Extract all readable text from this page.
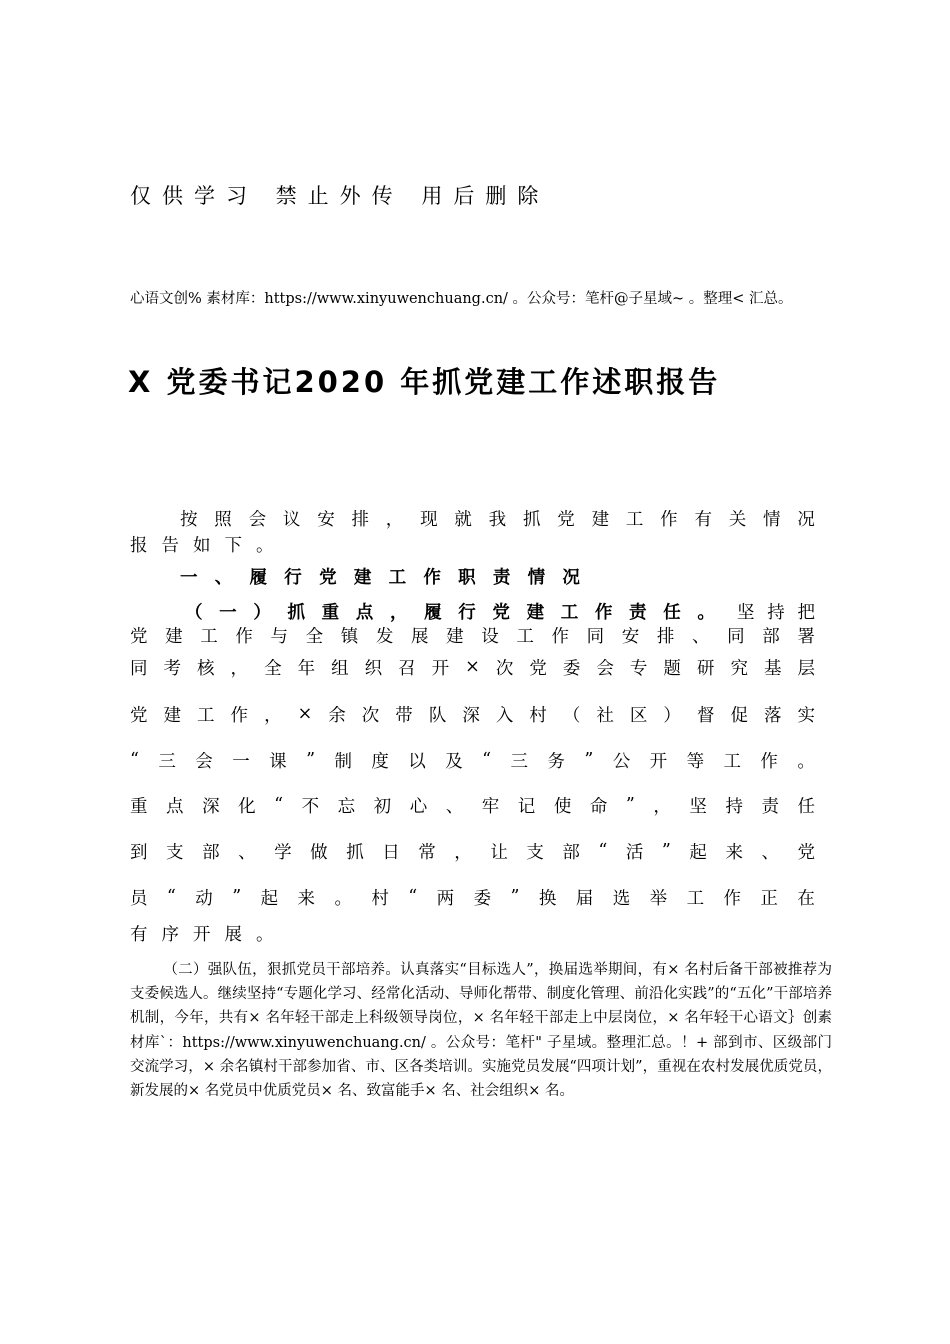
仅供学习 禁止外传 用后删除
心语文创% 素材库：https://www.xinyuwenchuang.cn/ 。公众号：笔杆@子星域~ 。整理< 汇总。
X 党委书记2020 年抓党建工作述职报告
按 照 会 议 安 排 ， 现 就 我 抓 党 建 工 作 有 关 情 况
报 告 如 下 。
一 、 履 行 党 建 工 作 职 责 情 况
（ 一 ） 抓 重 点 ， 履 行 党 建 工 作 责 任 。 坚 持 把
党 建 工 作 与 全 镇 发 展 建 设 工 作 同 安 排 、 同 部 署
同 考 核 ， 全 年 组 织 召 开 × 次 党 委 会 专 题 研 究 基 层
党 建 工 作 ， × 余 次 带 队 深 入 村 （ 社 区 ） 督 促 落 实
“ 三 会 一 课 ” 制 度 以 及 “ 三 务 ” 公 开 等 工 作 。
重 点 深 化 “ 不 忘 初 心 、 牢 记 使 命 ” ， 坚 持 责 任
到 支 部 、 学 做 抓 日 常 ， 让 支 部 “ 活 ” 起 来 、 党
员 “ 动 ” 起 来 。 村 “ 两 委 ” 换 届 选 举 工 作 正 在
有 序 开 展 。
（二）强队伍，狠抓党员干部培养。认真落实“目标选人”，换届选举期间，有× 名村后备干部被推荐为支委候选人。继续坚持“专题化学习、经常化活动、导师化帮带、制度化管理、前沿化实践”的“五化”干部培养机制，今年，共有× 名年轻干部走上科级领导岗位，× 名年轻干部走上中层岗位，× 名年轻干心语文｝创素材库`：https://www.xinyuwenchuang.cn/ 。公众号：笔杆" 子星域。整理汇总。！+ 部到市、区级部门交流学习，× 余名镇村干部参加省、市、区各类培训。实施党员发展“四项计划”，重视在农村发展优质党员，新发展的× 名党员中优质党员× 名、致富能手× 名、社会组织× 名。
